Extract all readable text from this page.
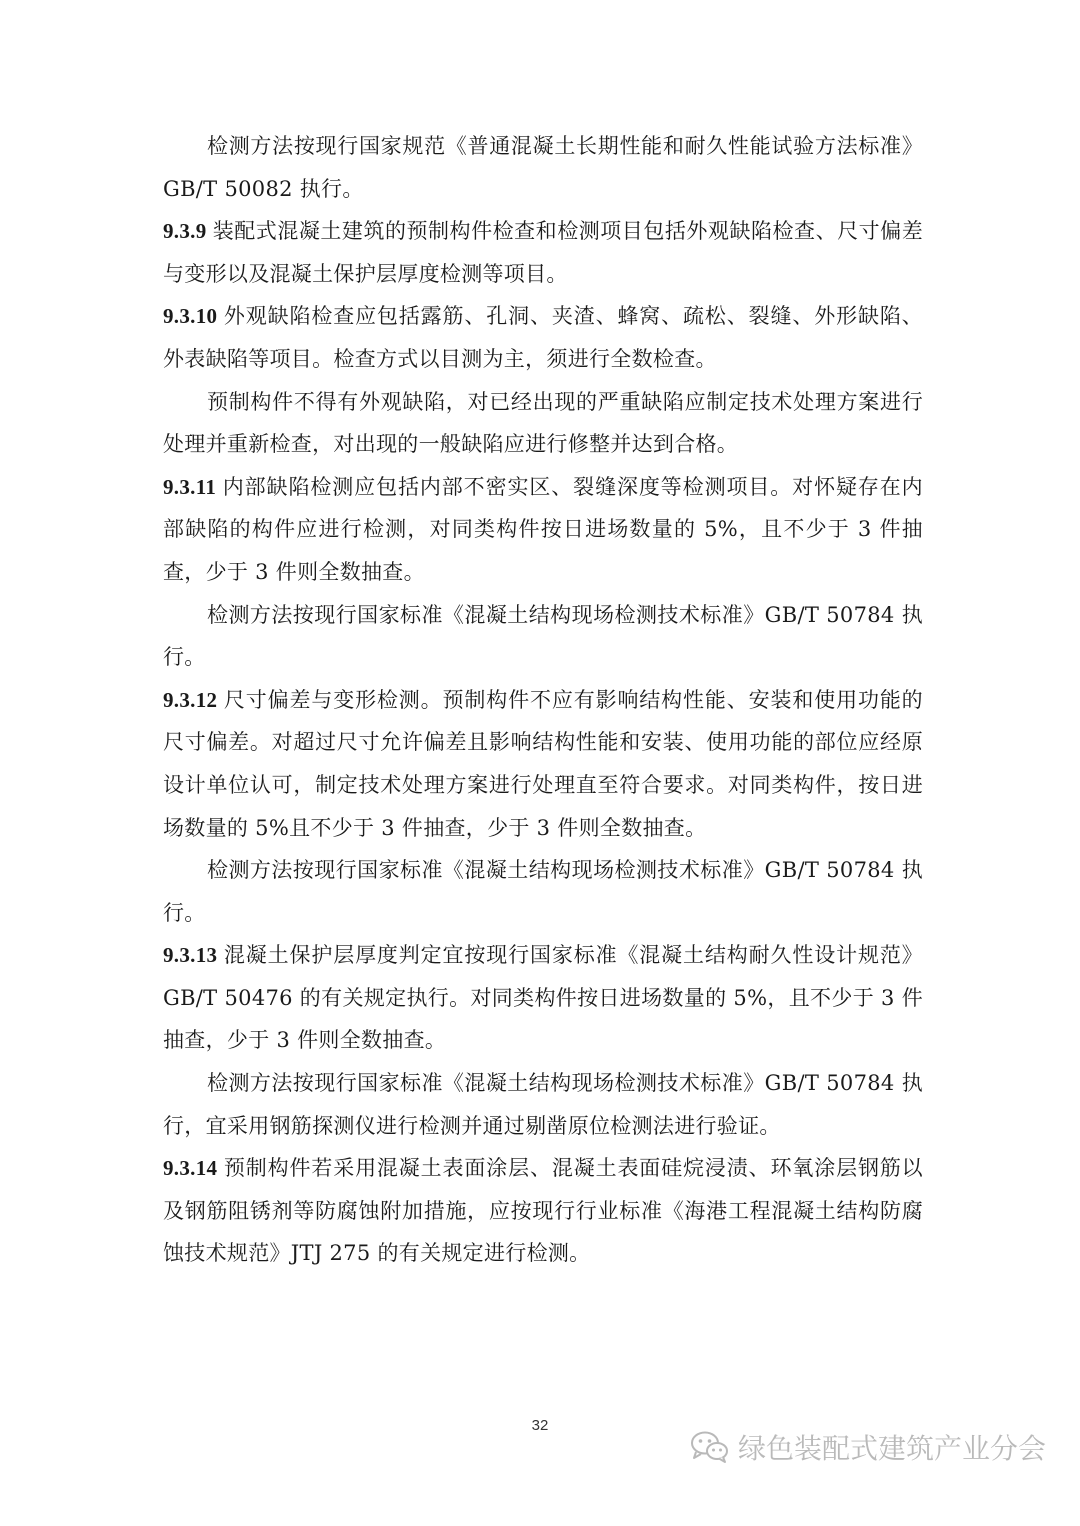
检测方法按现行国家规范《普通混凝土长期性能和耐久性能试验方法标准》GB/T 50082 执行。

9.3.9 装配式混凝土建筑的预制构件检查和检测项目包括外观缺陷检查、尺寸偏差与变形以及混凝土保护层厚度检测等项目。

9.3.10 外观缺陷检查应包括露筋、孔洞、夹渣、蜂窝、疏松、裂缝、外形缺陷、外表缺陷等项目。检查方式以目测为主，须进行全数检查。

预制构件不得有外观缺陷，对已经出现的严重缺陷应制定技术处理方案进行处理并重新检查，对出现的一般缺陷应进行修整并达到合格。

9.3.11 内部缺陷检测应包括内部不密实区、裂缝深度等检测项目。对怀疑存在内部缺陷的构件应进行检测，对同类构件按日进场数量的 5%，且不少于 3 件抽查，少于 3 件则全数抽查。

检测方法按现行国家标准《混凝土结构现场检测技术标准》GB/T 50784 执行。

9.3.12 尺寸偏差与变形检测。预制构件不应有影响结构性能、安装和使用功能的尺寸偏差。对超过尺寸允许偏差且影响结构性能和安装、使用功能的部位应经原设计单位认可，制定技术处理方案进行处理直至符合要求。对同类构件，按日进场数量的 5%且不少于 3 件抽查，少于 3 件则全数抽查。

检测方法按现行国家标准《混凝土结构现场检测技术标准》GB/T 50784 执行。

9.3.13 混凝土保护层厚度判定宜按现行国家标准《混凝土结构耐久性设计规范》GB/T 50476 的有关规定执行。对同类构件按日进场数量的 5%，且不少于 3 件抽查，少于 3 件则全数抽查。

检测方法按现行国家标准《混凝土结构现场检测技术标准》GB/T 50784 执行，宜采用钢筋探测仪进行检测并通过剔凿原位检测法进行验证。

9.3.14 预制构件若采用混凝土表面涂层、混凝土表面硅烷浸渍、环氧涂层钢筋以及钢筋阻锈剂等防腐蚀附加措施，应按现行行业标准《海港工程混凝土结构防腐蚀技术规范》JTJ 275 的有关规定进行检测。

32
绿色装配式建筑产业分会
